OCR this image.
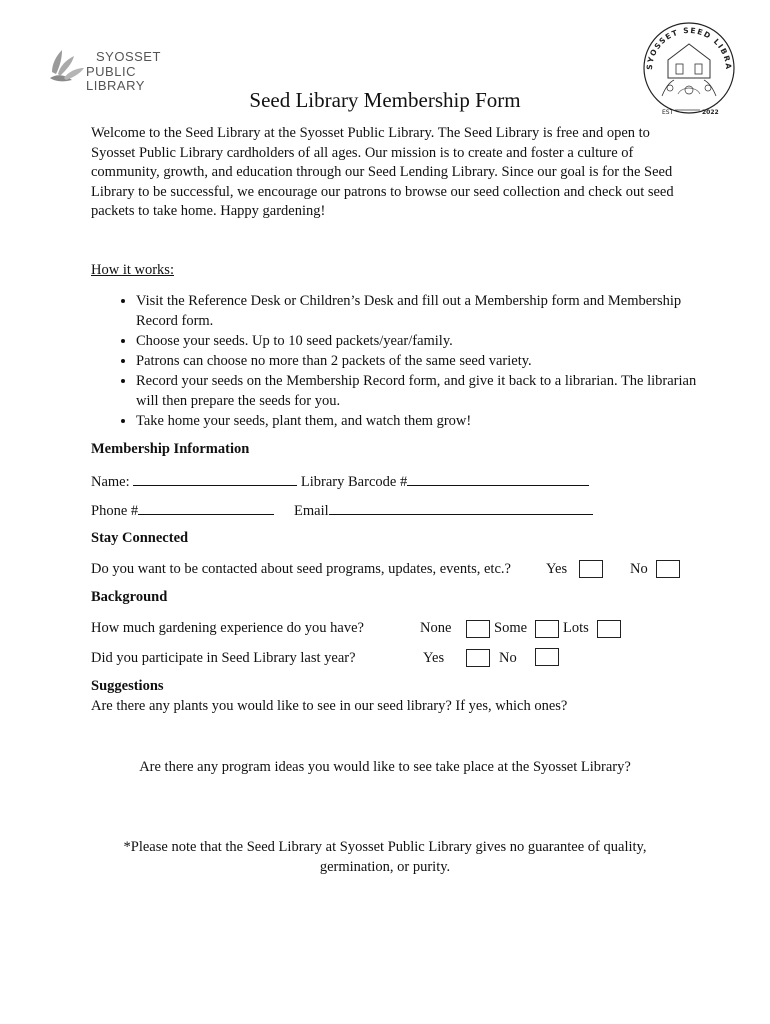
SYOSSET
PUBLIC LIBRARY
SYOSSET SEED LIBRA
EST	2022
Seed Library Membership Form
Welcome to the Seed Library at the Syosset Public Library. The Seed Library is free and open to Syosset Public Library cardholders of all ages. Our mission is to create and foster a culture of community, growth, and education through our Seed Lending Library. Since our goal is for the Seed Library to be successful, we encourage our patrons to browse our seed collection and check out seed packets to take home. Happy gardening!
How it works:
• Visit the Reference Desk or Children’s Desk and fill out a Membership form and Membership Record form.
• Choose your seeds. Up to 10 seed packets/year/family.
• Patrons can choose no more than 2 packets of the same seed variety.
• Record your seeds on the Membership Record form, and give it back to a librarian. The librarian will then prepare the seeds for you.
• Take home your seeds, plant them, and watch them grow!
Membership Information
Name:	Library Barcode #
Phone #	Email
Stay Connected
Do you want to be contacted about seed programs, updates, events, etc.? Yes	No
Background
How much gardening experience do you have?	None	Some Lots
Did you participate in Seed Library last year?	Yes	No
Suggestions
Are there any plants you would like to see in our seed library? If yes, which ones?
Are there any program ideas you would like to see take place at the Syosset Library?
*Please note that the Seed Library at Syosset Public Library gives no guarantee of quality,
germination, or purity.
